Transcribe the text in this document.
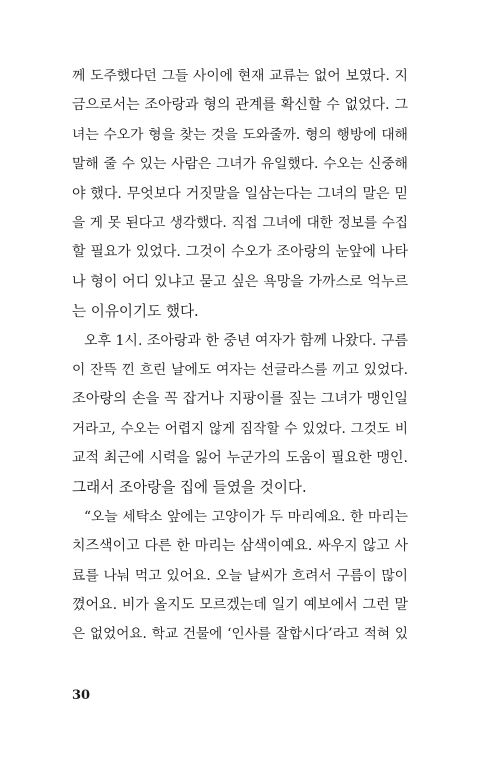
께 도주했다던 그들 사이에 현재 교류는 없어 보였다. 지
금으로서는 조아랑과 형의 관계를 확신할 수 없었다. 그
녀는 수오가 형을 찾는 것을 도와줄까. 형의 행방에 대해
말해 줄 수 있는 사람은 그녀가 유일했다. 수오는 신중해
야 했다. 무엇보다 거짓말을 일삼는다는 그녀의 말은 믿
을 게 못 된다고 생각했다. 직접 그녀에 대한 정보를 수집
할 필요가 있었다. 그것이 수오가 조아랑의 눈앞에 나타
나 형이 어디 있냐고 묻고 싶은 욕망을 가까스로 억누르
는 이유이기도 했다.
오후 1시. 조아랑과 한 중년 여자가 함께 나왔다. 구름
이 잔뜩 낀 흐린 날에도 여자는 선글라스를 끼고 있었다.
조아랑의 손을 꼭 잡거나 지팡이를 짚는 그녀가 맹인일
거라고, 수오는 어렵지 않게 짐작할 수 있었다. 그것도 비
교적 최근에 시력을 잃어 누군가의 도움이 필요한 맹인.
그래서 조아랑을 집에 들였을 것이다.
“오늘 세탁소 앞에는 고양이가 두 마리예요. 한 마리는
치즈색이고 다른 한 마리는 삼색이예요. 싸우지 않고 사
료를 나눠 먹고 있어요. 오늘 날씨가 흐려서 구름이 많이
꼈어요. 비가 올지도 모르겠는데 일기 예보에서 그런 말
은 없었어요. 학교 건물에 ‘인사를 잘합시다’라고 적혀 있
30
